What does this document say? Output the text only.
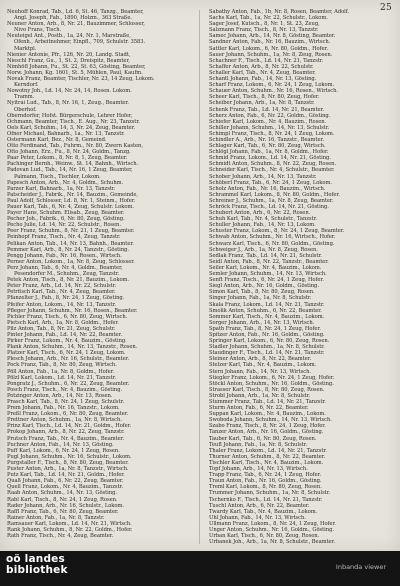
25
Neuhoff Konrad, Tab., Ld. 6, St. 46, Tanzg., Beamter,
Angl. Joseph, Fab., 1890, Holzm., 363 Straße.
Neuner Anton, Arb., 8, Nr. 21, Bauzimmer, Schlosser,
Nivo Frans, Tisch.
Neuteigel Ant., Postb., 1a, 24, Nr. 1, Marstraße,
Ofenh., Arbeitnehmer, Einpfl., 709, Schulstr. 3583.
Marktpl.
Nienier Antonie, Pfr., 126, Nr. 20, Landg. Stadt,
Nieschl Franz, Gu., 1, St. 2, Dreispitz, Beamter,
Nimhöfl Johann, Fu., St. 22, St. 63, Gösting, Beamter,
Norw. Johann, Kg. 1601, St. 5, Mühlen, Paul, Kaufm.
Novak Franz, Beamter, Tischler, Nr. 23, 14 Zeug, Lokom.
Kerndorf.
Nowotny Joh., Ld. 14, Nr. 24, 14, Rosen. Lokom.
Tramm.
Nyitrai Lud., Tab., 8, Nr. 16, 1, Zeug., Beamter.
Oberhof.
Oberndorfer, Hofst. Bürgerschule, Lehrer Hofer,
Ochmann, Beamter, Tisch., E. Aug., Nr. 23, Tanzstr.
Oels Karl, Schuhm., 14, 3, Nr. 24, Zeug, Beamter.
Ofner Michael, Bahnarb., 1a., Nr. 13, Tanzstr.
Ostermann Karl, Bez., Nr. 8, Gemeind.
Otto Ferdinand, Tab., Fuhrm., Nr. 80, Zwern Kasten,
Otto Johann, Erz., Fu., 8, Nr. 24, Goldm., Tanzg.
Paar Peter, Lokom., 8, Nr. 8, 1, Zeug, Beamter.
Pachinger Bernh., Weinw., St. 14, Bahnh., Wirtsch.
Padovan Lud., Tab., 14, Nr. 16, 1 Zeug, Beamter,
Palmann, Tisch., Tischler, Lokom.
Papesch Anton, Arb., Nr. 4, Goldm., Schuhm.
Parzer Karl, Bahnarb., 1a, Nr. 13, Tanzstr.
Patscheider J., Fabrik., Nr. 14, Bauzim., Gemeinde,
Paul Adolf, Schlosser, Ld. 8, Nr. 1, Steinm., Hofer.
Pauer Karl, Tab., 6, Nr. 4, Zeug, Schulstr. Lokom.
Payer Hans, Schuhm. Elisab., Zeug, Beamter.
Pecher Joh., Fabrik., 6, Nr. 80, Zeug, Gösting.
Pecho Julie, Ld. 14, Nr. 22, Schulstr., Rosen.
Peer Franz, Schuhm., 8, Nr. 21, 1 Zeug, Beamter.
Peinhopf Franz, Tisch., Nr. 4, Zeug, Tanzstr.
Pelikan Anton, Tab., 14, Nr. 13, Bahnh., Beamter.
Pemmer Karl, Arb., 8, Nr. 24, Tanzstr., Gösting.
Pengg Johann, Fab., Nr. 16, Rosen., Wirtsch.
Perner Anton, Lokom., 1a, Nr. 8, Zeug, Schlosser.
Perz Johann, Tab., 6, Nr. 4, Goldm., Beamter,
Pesendorfer M., Schuhm., Zeug, Tanzstr.
Petek Anton, Tisch., 8, Nr. 21, Bauzim., Lokom.
Peter Franz, Arb., Ld. 14, Nr. 22, Schulstr.
Petritsch Karl, Tab., Nr. 4, Zeug, Beamter.
Pfanzelter J., Fab., 8, Nr. 24, 1 Zeug, Gösting.
Pfeifer Anton, Lokom., 14, Nr. 13, Tanzstr.
Pfleger Johann, Schuhm., Nr. 16, Rosen., Beamter.
Pichler Franz, Tisch., 6, Nr. 80, Zeug, Wirtsch.
Pietsch Karl, Arb., 1a, Nr. 8, Goldm., Hofer.
Pilz Anton, Tab., 8, Nr. 21, Zeug, Schulstr.
Pinter Johann, Fab., Ld. 14, Nr. 22, Beamter.
Pirker Franz, Lokom., Nr. 4, Bauzim., Gösting.
Plank Anton, Schuhm., 14, Nr. 13, Tanzstr., Rosen.
Platzer Karl, Tisch., 6, Nr. 24, 1 Zeug, Lokom.
Plesch Johann, Arb., Nr. 16, Schulstr., Beamter.
Pock Franz, Tab., 8, Nr. 80, Zeug, Wirtsch.
Pöll Anton, Fab., 1a, Nr. 8, Goldm., Hofer.
Pölzl Karl, Lokom., Ld. 14, Nr. 21, Tanzstr.
Pongratz J., Schuhm., 6, Nr. 22, Zeug, Beamter.
Posch Franz, Tisch., Nr. 4, Bauzim., Gösting.
Potzinger Anton, Arb., 14, Nr. 13, Rosen.
Prasch Karl, Tab., 8, Nr. 24, 1 Zeug, Schulstr.
Prem Johann, Fab., Nr. 16, Tanzstr., Lokom.
Preßl Franz, Lokom., 6, Nr. 80, Zeug, Beamter.
Prettner Anton, Schuhm., 1a, Nr. 8, Wirtsch.
Prinz Karl, Tisch., Ld. 14, Nr. 21, Goldm., Hofer.
Prokop Johann, Arb., 8, Nr. 22, Zeug, Tanzstr.
Prutsch Franz, Tab., Nr. 4, Bauzim., Beamter.
Puchner Anton, Fab., 14, Nr. 13, Gösting.
Puff Karl, Lokom., 6, Nr. 24, 1 Zeug, Rosen.
Pugl Johann, Schuhm., Nr. 16, Schulstr., Lokom.
Purgstaller F., Tisch., 8, Nr. 80, Zeug, Beamter.
Puster Anton, Arb., 1a, Nr. 8, Tanzstr., Wirtsch.
Putz Karl, Tab., Ld. 14, Nr. 21, Goldm., Hofer.
Quaß Johann, Fab., 6, Nr. 22, Zeug, Beamter.
Quell Franz, Lokom., Nr. 4, Bauzim., Tanzstr.
Raab Anton, Schuhm., 14, Nr. 13, Gösting.
Rabl Karl, Tisch., 8, Nr. 24, 1 Zeug, Rosen.
Rader Johann, Arb., Nr. 16, Schulstr., Lokom.
Raffl Franz, Tab., 6, Nr. 80, Zeug, Beamter.
Rainer Anton, Fab., 1a, Nr. 8, Tanzstr.
Ramsauer Karl, Lokom., Ld. 14, Nr. 21, Wirtsch.
Rank Johann, Schuhm., 8, Nr. 22, Goldm., Hofer.
Rath Franz, Tisch., Nr. 4, Zeug, Beamter.
Sabathy Anton, Fab., 1b, Nr. 8, Rosen, Beamter, Adolf.
Sachs Karl, Tab., 1a, Nr. 22, Schulstr., Lokom.
Sager Josef, Kutsch., 8, Nr. 1, St. 23, Zeug,
Salzmann Franz, Tisch., 8, Nr. 13, Tanzstr.
Samec Johann, Arb., 14, Nr. 8, Gösting, Beamter.
Sandner Anton, Fab., Nr. 16, Bauzim., Wirtsch.
Sattler Karl, Lokom., 6, Nr. 80, Goldm., Hofer.
Sauer Johann, Schuhm., 1a, Nr. 8, Zeug, Rosen.
Schachner F., Tisch., Ld. 14, Nr. 21, Tanzstr.
Schaffer Anton, Arb., 8, Nr. 22, Schulstr.
Schaller Karl, Tab., Nr. 4, Zeug, Beamter.
Schantl Johann, Fab., 14, Nr. 13, Gösting.
Scharf Franz, Lokom., 6, Nr. 24, 1 Zeug, Lokom.
Schauer Anton, Schuhm., Nr. 16, Rosen., Wirtsch.
Scheer Karl, Tisch., 8, Nr. 80, Zeug, Hofer.
Scheiber Johann, Arb., 1a, Nr. 8, Tanzstr.
Schenk Franz, Tab., Ld. 14, Nr. 21, Beamter.
Scherz Anton, Fab., 6, Nr. 22, Goldm., Gösting.
Schiefer Karl, Lokom., Nr. 4, Bauzim., Rosen.
Schiller Johann, Schuhm., 14, Nr. 13, Schulstr.
Schimpl Franz, Tisch., 8, Nr. 24, 1 Zeug, Lokom.
Schindler A., Arb., Nr. 16, Tanzstr., Beamter.
Schlager Karl, Tab., 6, Nr. 80, Zeug, Wirtsch.
Schlögl Johann, Fab., 1a, Nr. 8, Goldm., Hofer.
Schmid Franz, Lokom., Ld. 14, Nr. 21, Gösting.
Schmidt Anton, Schuhm., 8, Nr. 22, Zeug, Rosen.
Schneider Karl, Tisch., Nr. 4, Schulstr., Beamter.
Schober Johann, Arb., 14, Nr. 13, Tanzstr.
Schöberl Franz, Tab., 6, Nr. 24, 1 Zeug, Lokom.
Scholz Anton, Fab., Nr. 16, Bauzim., Wirtsch.
Schrammel Karl, Lokom., 8, Nr. 80, Goldm., Hofer.
Schreiner J., Schuhm., 1a, Nr. 8, Zeug, Beamter.
Schröck Franz, Tisch., Ld. 14, Nr. 21, Gösting.
Schubert Anton, Arb., 6, Nr. 22, Rosen.
Schuh Karl, Tab., Nr. 4, Schulstr., Tanzstr.
Schuller Johann, Fab., 14, Nr. 13, Lokom.
Schuster Franz, Lokom., 8, Nr. 24, 1 Zeug, Beamter.
Schwab Anton, Schuhm., Nr. 16, Wirtsch., Hofer.
Schwarz Karl, Tisch., 6, Nr. 80, Goldm., Gösting.
Schweiger J., Arb., 1a, Nr. 8, Zeug, Rosen.
Sedlak Franz, Tab., Ld. 14, Nr. 21, Schulstr.
Seidl Anton, Fab., 8, Nr. 22, Tanzstr., Beamter.
Seiler Karl, Lokom., Nr. 4, Bauzim., Lokom.
Semler Johann, Schuhm., 14, Nr. 13, Wirtsch.
Senft Franz, Tisch., 6, Nr. 24, 1 Zeug, Hofer.
Siegl Anton, Arb., Nr. 16, Goldm., Gösting.
Simon Karl, Tab., 8, Nr. 80, Zeug, Rosen.
Singer Johann, Fab., 1a, Nr. 8, Schulstr.
Skala Franz, Lokom., Ld. 14, Nr. 21, Tanzstr.
Smolik Anton, Schuhm., 6, Nr. 22, Beamter.
Sommer Karl, Tisch., Nr. 4, Bauzim., Lokom.
Sorger Johann, Arb., 14, Nr. 13, Wirtsch.
Spath Franz, Tab., 8, Nr. 24, 1 Zeug, Hofer.
Spitzer Anton, Fab., Nr. 16, Goldm., Gösting.
Springer Karl, Lokom., 6, Nr. 80, Zeug, Rosen.
Stadler Johann, Schuhm., 1a, Nr. 8, Schulstr.
Staudinger F., Tisch., Ld. 14, Nr. 21, Tanzstr.
Steiner Anton, Arb., 8, Nr. 22, Beamter.
Stelzer Karl, Tab., Nr. 4, Bauzim., Lokom.
Stern Johann, Fab., 14, Nr. 13, Wirtsch.
Stiegler Franz, Lokom., 6, Nr. 24, 1 Zeug, Hofer.
Stöckl Anton, Schuhm., Nr. 16, Goldm., Gösting.
Strasser Karl, Tisch., 8, Nr. 80, Zeug, Rosen.
Strobl Johann, Arb., 1a, Nr. 8, Schulstr.
Stummer Franz, Tab., Ld. 14, Nr. 21, Tanzstr.
Sturm Anton, Fab., 6, Nr. 22, Beamter.
Suppan Karl, Lokom., Nr. 4, Bauzim., Lokom.
Swoboda Johann, Schuhm., 14, Nr. 13, Wirtsch.
Szabo Franz, Tisch., 8, Nr. 24, 1 Zeug, Hofer.
Tanzer Anton, Arb., Nr. 16, Goldm., Gösting.
Tauber Karl, Tab., 6, Nr. 80, Zeug, Rosen.
Teufl Johann, Fab., 1a, Nr. 8, Schulstr.
Thaler Franz, Lokom., Ld. 14, Nr. 21, Tanzstr.
Thurner Anton, Schuhm., 8, Nr. 22, Beamter.
Tischler Karl, Tisch., Nr. 4, Bauzim., Lokom.
Topf Johann, Arb., 14, Nr. 13, Wirtsch.
Trapp Franz, Tab., 6, Nr. 24, 1 Zeug, Hofer.
Traun Anton, Fab., Nr. 16, Goldm., Gösting.
Treml Karl, Lokom., 8, Nr. 80, Zeug, Rosen.
Trummer Johann, Schuhm., 1a, Nr. 8, Schulstr.
Tschernko F., Tisch., Ld. 14, Nr. 21, Tanzstr.
Tuschl Anton, Arb., 6, Nr. 22, Beamter.
Twardy Karl, Tab., Nr. 4, Bauzim., Lokom.
Uhl Johann, Fab., 14, Nr. 13, Wirtsch.
Ullmann Franz, Lokom., 8, Nr. 24, 1 Zeug, Hofer.
Unger Anton, Schuhm., Nr. 16, Goldm., Gösting.
Urban Karl, Tisch., 6, Nr. 80, Zeug, Rosen.
Urbanek Joh., Arb., 1a, Nr. 8, Schulstr., Beamter.
oö landes
bibliothek	Inbanda viewer
